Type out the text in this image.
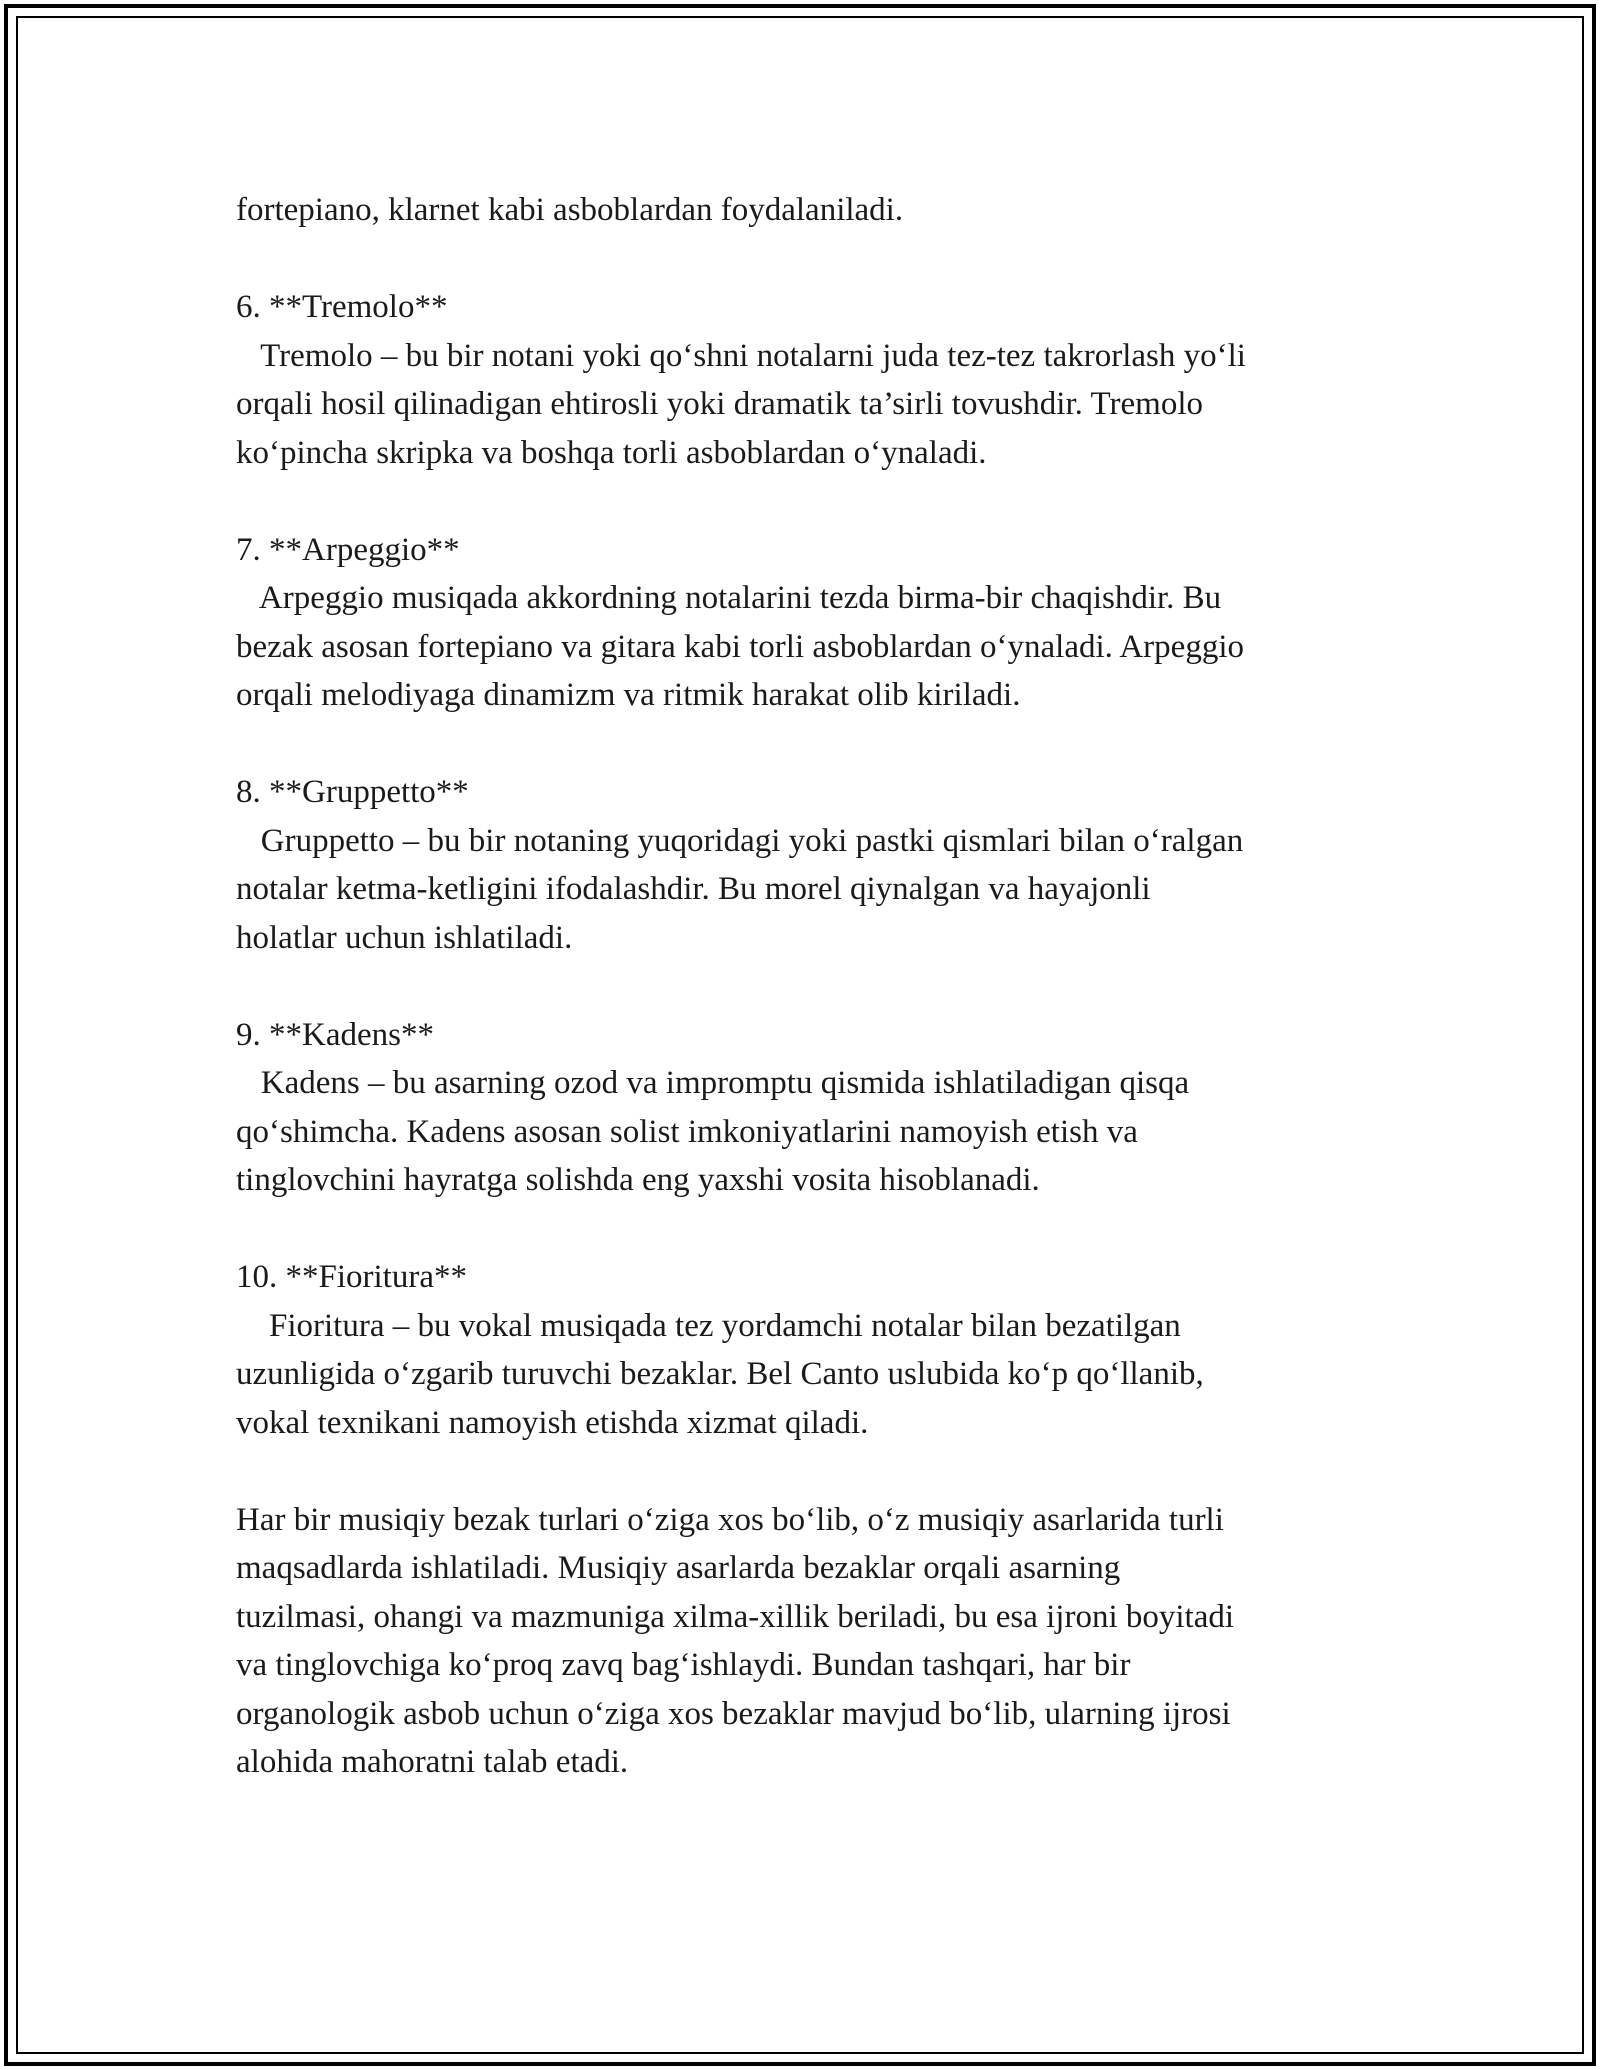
fortepiano, klarnet kabi asboblardan foydalaniladi.
6. **Tremolo**
Tremolo – bu bir notani yoki qo‘shni notalarni juda tez-tez takrorlash yo‘li
orqali hosil qilinadigan ehtirosli yoki dramatik ta’sirli tovushdir. Tremolo
ko‘pincha skripka va boshqa torli asboblardan o‘ynaladi.
7. **Arpeggio**
Arpeggio musiqada akkordning notalarini tezda birma-bir chaqishdir. Bu
bezak asosan fortepiano va gitara kabi torli asboblardan o‘ynaladi. Arpeggio
orqali melodiyaga dinamizm va ritmik harakat olib kiriladi.
8. **Gruppetto**
Gruppetto – bu bir notaning yuqoridagi yoki pastki qismlari bilan o‘ralgan
notalar ketma-ketligini ifodalashdir. Bu morel qiynalgan va hayajonli
holatlar uchun ishlatiladi.
9. **Kadens**
Kadens – bu asarning ozod va impromptu qismida ishlatiladigan qisqa
qo‘shimcha. Kadens asosan solist imkoniyatlarini namoyish etish va
tinglovchini hayratga solishda eng yaxshi vosita hisoblanadi.
10. **Fioritura**
Fioritura – bu vokal musiqada tez yordamchi notalar bilan bezatilgan
uzunligida o‘zgarib turuvchi bezaklar. Bel Canto uslubida ko‘p qo‘llanib,
vokal texnikani namoyish etishda xizmat qiladi.
Har bir musiqiy bezak turlari o‘ziga xos bo‘lib, o‘z musiqiy asarlarida turli
maqsadlarda ishlatiladi. Musiqiy asarlarda bezaklar orqali asarning
tuzilmasi, ohangi va mazmuniga xilma-xillik beriladi, bu esa ijroni boyitadi
va tinglovchiga ko‘proq zavq bag‘ishlaydi. Bundan tashqari, har bir
organologik asbob uchun o‘ziga xos bezaklar mavjud bo‘lib, ularning ijrosi
alohida mahoratni talab etadi.
